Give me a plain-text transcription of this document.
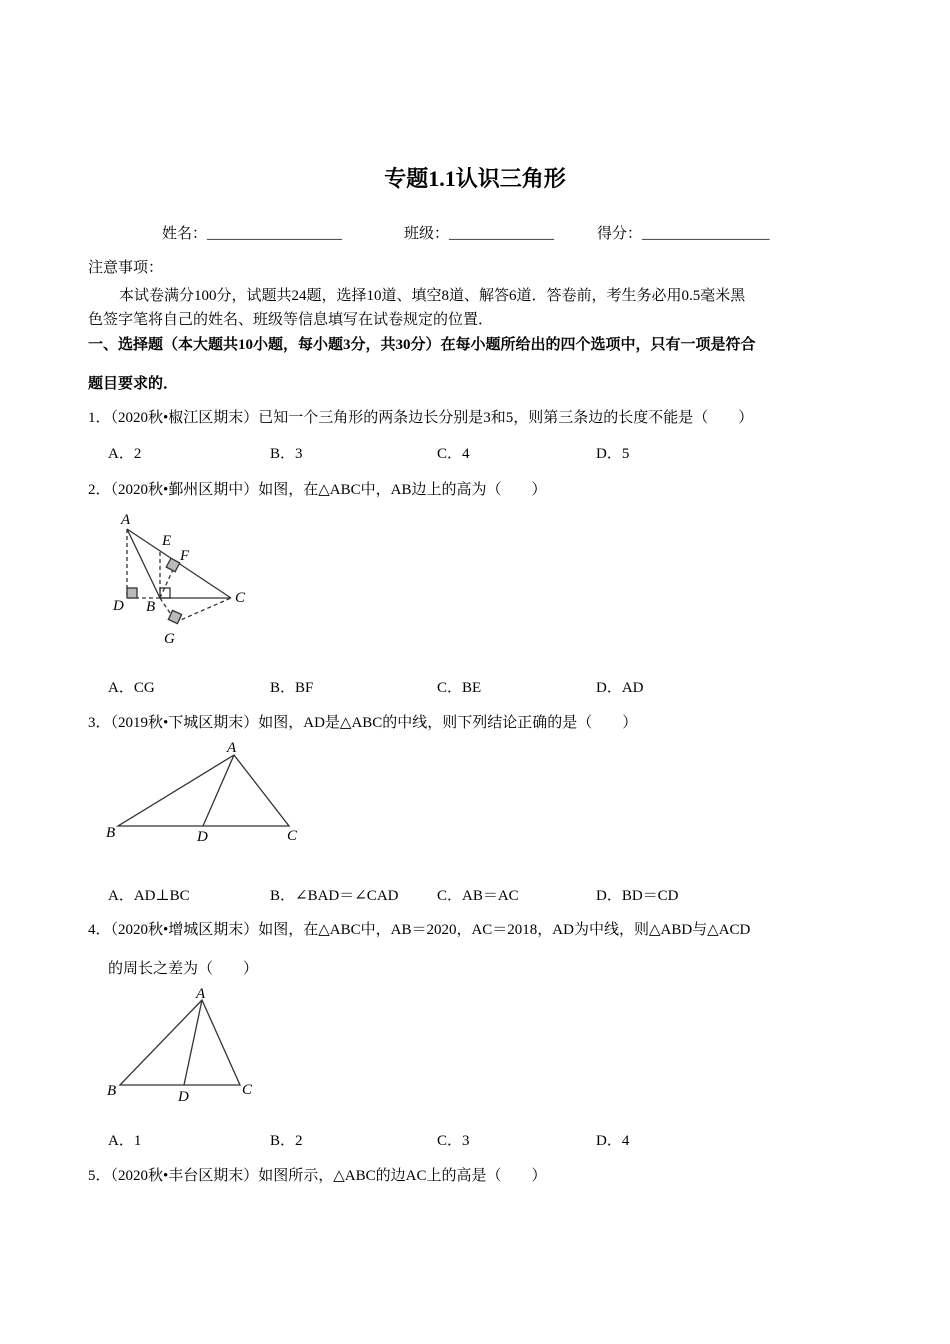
专题1.1认识三角形
姓名：__________________	班级：______________	得分：_________________
注意事项：
本试卷满分100分，试题共24题，选择10道、填空8道、解答6道．答卷前，考生务必用0.5毫米黑
色签字笔将自己的姓名、班级等信息填写在试卷规定的位置．
一、选择题（本大题共10小题，每小题3分，共30分）在每小题所给出的四个选项中，只有一项是符合
题目要求的．
1．（2020秋•椒江区期末）已知一个三角形的两条边长分别是3和5，则第三条边的长度不能是（　　）
A．2	B．3	C．4	D．5
2．（2020秋•鄞州区期中）如图，在△ABC中，AB边上的高为（　　）
A．CG	B．BF	C．BE	D．AD
3．（2019秋•下城区期末）如图，AD是△ABC的中线，则下列结论正确的是（　　）
A．AD⊥BC	B．∠BAD＝∠CAD	C．AB＝AC	D．BD＝CD
4．（2020秋•增城区期末）如图，在△ABC中，AB＝2020，AC＝2018，AD为中线，则△ABD与△ACD
的周长之差为（　　）
A．1	B．2	C．3	D．4
5．（2020秋•丰台区期末）如图所示，△ABC的边AC上的高是（　　）
A
E
F
D B
C
G
A
B	D	C
A
B	D	C
